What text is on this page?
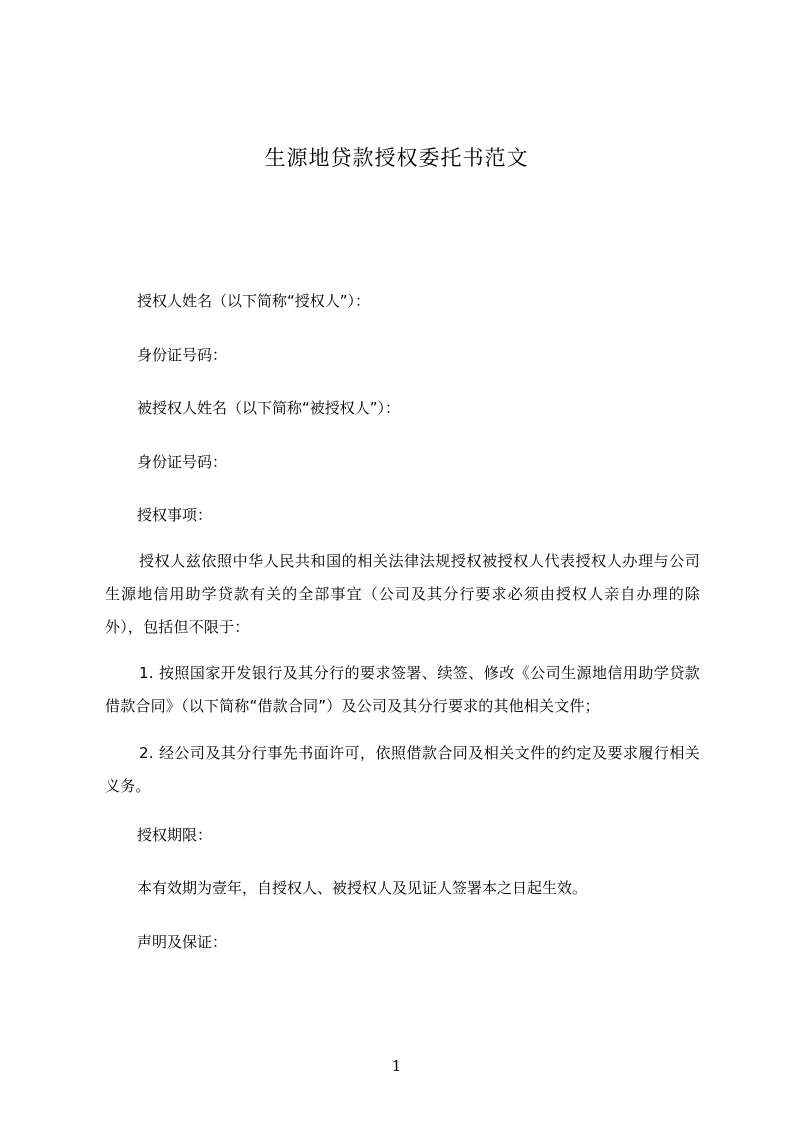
生源地贷款授权委托书范文
授权人姓名（以下简称“授权人”）：
身份证号码：
被授权人姓名（以下简称“被授权人”）：
身份证号码：
授权事项：
授权人兹依照中华人民共和国的相关法律法规授权被授权人代表授权人办理与公司生源地信用助学贷款有关的全部事宜（公司及其分行要求必须由授权人亲自办理的除外），包括但不限于：
1. 按照国家开发银行及其分行的要求签署、续签、修改《公司生源地信用助学贷款借款合同》（以下简称“借款合同”）及公司及其分行要求的其他相关文件；
2. 经公司及其分行事先书面许可，依照借款合同及相关文件的约定及要求履行相关义务。
授权期限：
本有效期为壹年，自授权人、被授权人及见证人签署本之日起生效。
声明及保证：
1
